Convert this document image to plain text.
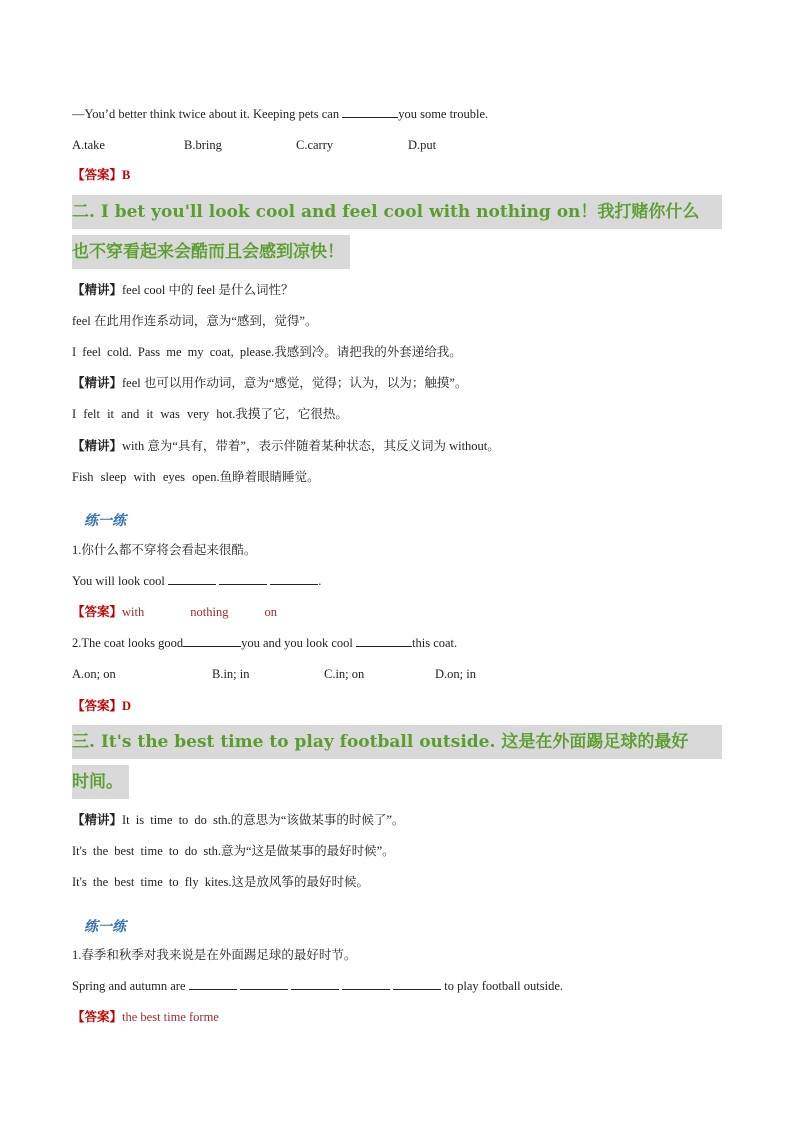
—You’d better think twice about it. Keeping pets can	you some trouble.
A.take	B.bring	C.carry	D.put
【答案】B
二. I bet you'll look cool and feel cool with nothing on！我打赌你什么
也不穿看起来会酷而且会感到凉快！
【精讲】feel cool 中的 feel 是什么词性？
feel 在此用作连系动词，意为“感到，觉得”。
I feel cold. Pass me my coat, please.我感到冷。请把我的外套递给我。
【精讲】feel 也可以用作动词，意为“感觉，觉得；认为，以为；触摸”。
I felt it and it was very hot.我摸了它，它很热。
【精讲】with 意为“具有，带着”，表示伴随着某种状态，其反义词为 without。
Fish sleep with eyes open.鱼睁着眼睛睡觉。
练一练
1.你什么都不穿将会看起来很酷。
You will look cool	.
【答案】with	nothing	on
2.The coat looks good	you and you look cool	this coat.
A.on; on	B.in; in	C.in; on	D.on; in
【答案】D
三. It's the best time to play football outside. 这是在外面踢足球的最好
时间。
【精讲】It is time to do sth.的意思为“该做某事的时候了”。
It's the best time to do sth.意为“这是做某事的最好时候”。
It's the best time to fly kites.这是放风筝的最好时候。
练一练
1.春季和秋季对我来说是在外面踢足球的最好时节。
Spring and autumn are	to play football outside.
【答案】the best time forme
